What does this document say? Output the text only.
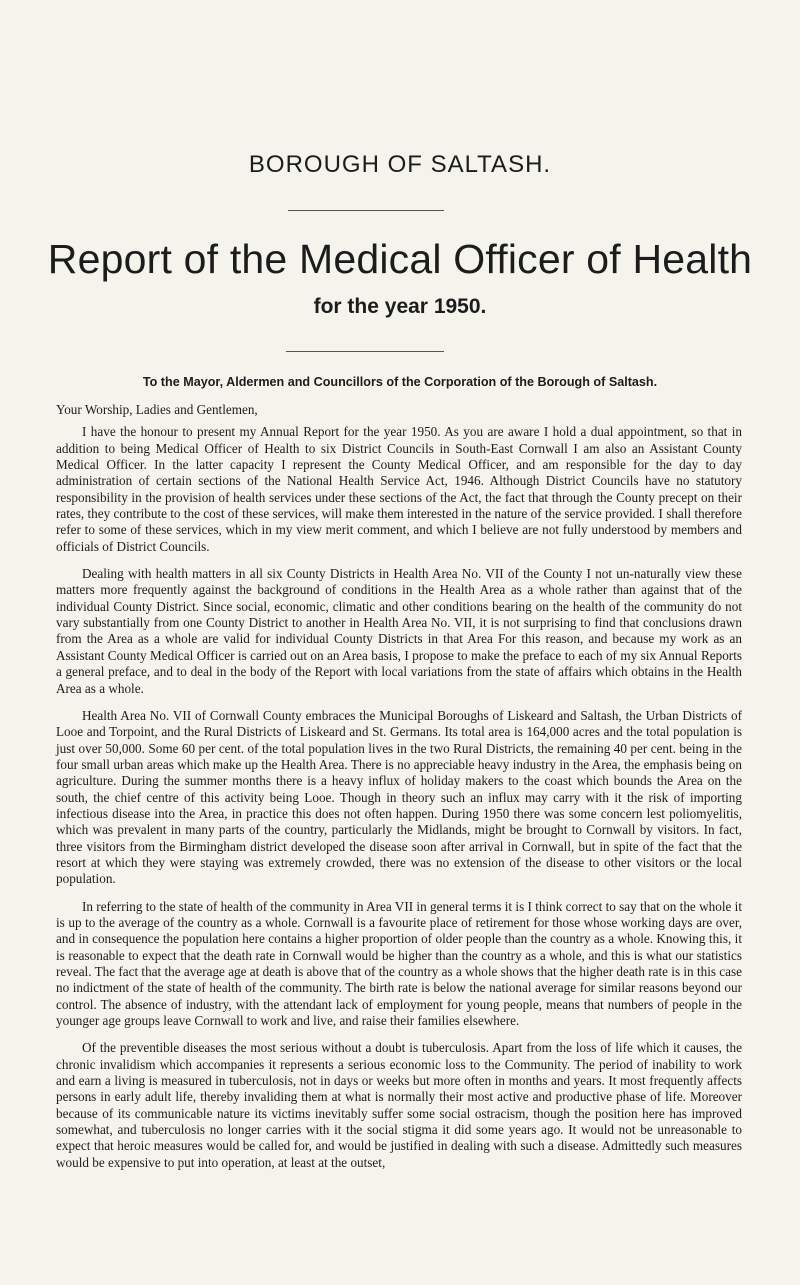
BOROUGH OF SALTASH.
Report of the Medical Officer of Health
for the year 1950.

To the Mayor, Aldermen and Councillors of the Corporation of the Borough of Saltash.

Your Worship, Ladies and Gentlemen,

I have the honour to present my Annual Report for the year 1950. As you are aware I hold a dual appointment, so that in addition to being Medical Officer of Health to six District Councils in South-East Cornwall I am also an Assistant County Medical Officer. In the latter capacity I represent the County Medical Officer, and am responsible for the day to day administration of certain sections of the National Health Service Act, 1946. Although District Councils have no statutory responsibility in the provision of health services under these sections of the Act, the fact that through the County precept on their rates, they contribute to the cost of these services, will make them interested in the nature of the service provided. I shall therefore refer to some of these services, which in my view merit comment, and which I believe are not fully understood by members and officials of District Councils.

Dealing with health matters in all six County Districts in Health Area No. VII of the County I not un-naturally view these matters more frequently against the background of conditions in the Health Area as a whole rather than against that of the individual County District. Since social, economic, climatic and other conditions bearing on the health of the community do not vary substantially from one County District to another in Health Area No. VII, it is not surprising to find that conclusions drawn from the Area as a whole are valid for individual County Districts in that Area For this reason, and because my work as an Assistant County Medical Officer is carried out on an Area basis, I propose to make the preface to each of my six Annual Reports a general preface, and to deal in the body of the Report with local variations from the state of affairs which obtains in the Health Area as a whole.

Health Area No. VII of Cornwall County embraces the Municipal Boroughs of Liskeard and Saltash, the Urban Districts of Looe and Torpoint, and the Rural Districts of Liskeard and St. Germans. Its total area is 164,000 acres and the total population is just over 50,000. Some 60 per cent. of the total population lives in the two Rural Districts, the remaining 40 per cent. being in the four small urban areas which make up the Health Area. There is no appreciable heavy industry in the Area, the emphasis being on agriculture. During the summer months there is a heavy influx of holiday makers to the coast which bounds the Area on the south, the chief centre of this activity being Looe. Though in theory such an influx may carry with it the risk of importing infectious disease into the Area, in practice this does not often happen. During 1950 there was some concern lest poliomyelitis, which was prevalent in many parts of the country, particularly the Midlands, might be brought to Cornwall by visitors. In fact, three visitors from the Birmingham district developed the disease soon after arrival in Cornwall, but in spite of the fact that the resort at which they were staying was extremely crowded, there was no extension of the disease to other visitors or the local population.

In referring to the state of health of the community in Area VII in general terms it is I think correct to say that on the whole it is up to the average of the country as a whole. Cornwall is a favourite place of retirement for those whose working days are over, and in consequence the population here contains a higher proportion of older people than the country as a whole. Knowing this, it is reasonable to expect that the death rate in Cornwall would be higher than the country as a whole, and this is what our statistics reveal. The fact that the average age at death is above that of the country as a whole shows that the higher death rate is in this case no indictment of the state of health of the community. The birth rate is below the national average for similar reasons beyond our control. The absence of industry, with the attendant lack of employment for young people, means that numbers of people in the younger age groups leave Cornwall to work and live, and raise their families elsewhere.

Of the preventible diseases the most serious without a doubt is tuberculosis. Apart from the loss of life which it causes, the chronic invalidism which accompanies it represents a serious economic loss to the Community. The period of inability to work and earn a living is measured in tuberculosis, not in days or weeks but more often in months and years. It most frequently affects persons in early adult life, thereby invaliding them at what is normally their most active and productive phase of life. Moreover because of its communicable nature its victims inevitably suffer some social ostracism, though the position here has improved somewhat, and tuberculosis no longer carries with it the social stigma it did some years ago. It would not be unreasonable to expect that heroic measures would be called for, and would be justified in dealing with such a disease. Admittedly such measures would be expensive to put into operation, at least at the outset,
